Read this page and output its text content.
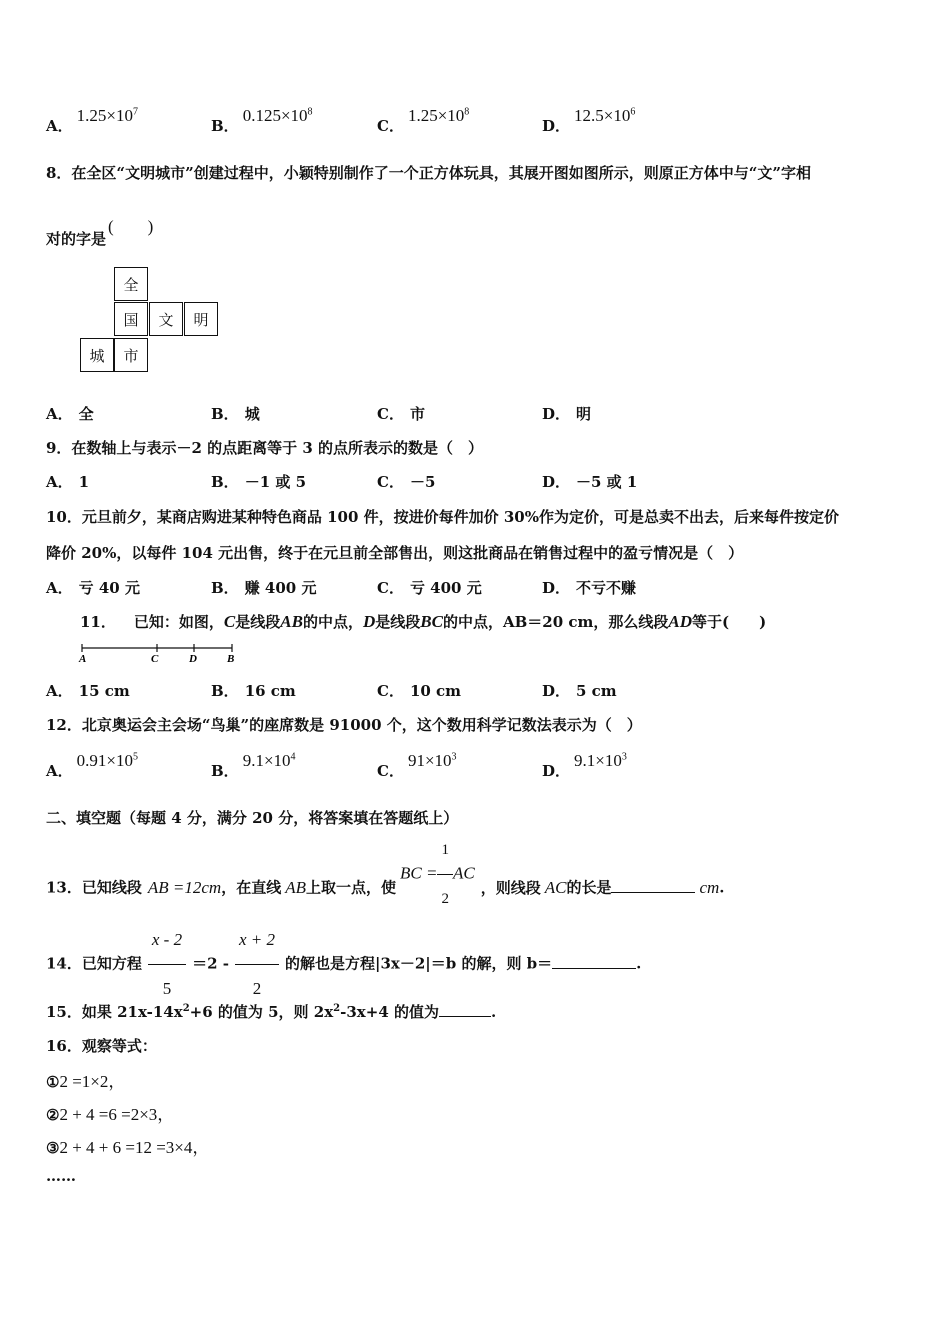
A．$1.25\times 10^7$
B．$0.125\times 10^8$
C．$1.25\times 10^8$
D．$12.5\times 10^6$
8．在全区“文明城市”创建过程中，小颖特别制作了一个正方体玩具，其展开图如图所示，则原正方体中与“文”字相
对的字是(　　)
全
国	文	明
城	市
A． 全	B． 城	C． 市	D． 明
9．在数轴上与表示－2 的点距离等于 3 的点所表示的数是（　）
A． 1	B． －1 或 5	C． －5	D． －5 或 1
10．元旦前夕，某商店购进某种特色商品 100 件，按进价每件加价 30%作为定价，可是总卖不出去，后来每件按定价
降价 20%，以每件 104 元出售，终于在元旦前全部售出，则这批商品在销售过程中的盈亏情况是（　）
A． 亏 40 元	B． 赚 400 元	C． 亏 400 元	D． 不亏不赚
11． 已知：如图，C是线段AB的中点，D是线段BC的中点，AB＝20 cm，那么线段AD等于(　　)
A	C	D	B
A． 15 cm	B． 16 cm	C． 10 cm	D． 5 cm
12．北京奥运会主会场“鸟巢”的座席数是 91000 个，这个数用科学记数法表示为（　）
A．$0.91\times 10^5$
B．$9.1\times 10^4$
C．$91\times 10^3$
D．$9.1\times 10^3$
二、填空题（每题 4 分，满分 20 分，将答案填在答题纸上）
13．已知线段 AB =12cm，在直线 AB上取一点，使BC = $\frac{1}{2}$ AC，则线段 AC的长是	cm.
14．已知方程 $\frac{x - 2}{5} =2 - \frac{x + 2}{2}$ 的解也是方程|3x－2|＝b 的解，则 b＝	.
15．如果 $21x-14x^2+6$ 的值为 5，则 $2x^2-3x+4$ 的值为	.
16．观察等式：
①2 =1×2，
②2 + 4 =6 =2×3，
③2 + 4 + 6 =12 =3×4，
……
